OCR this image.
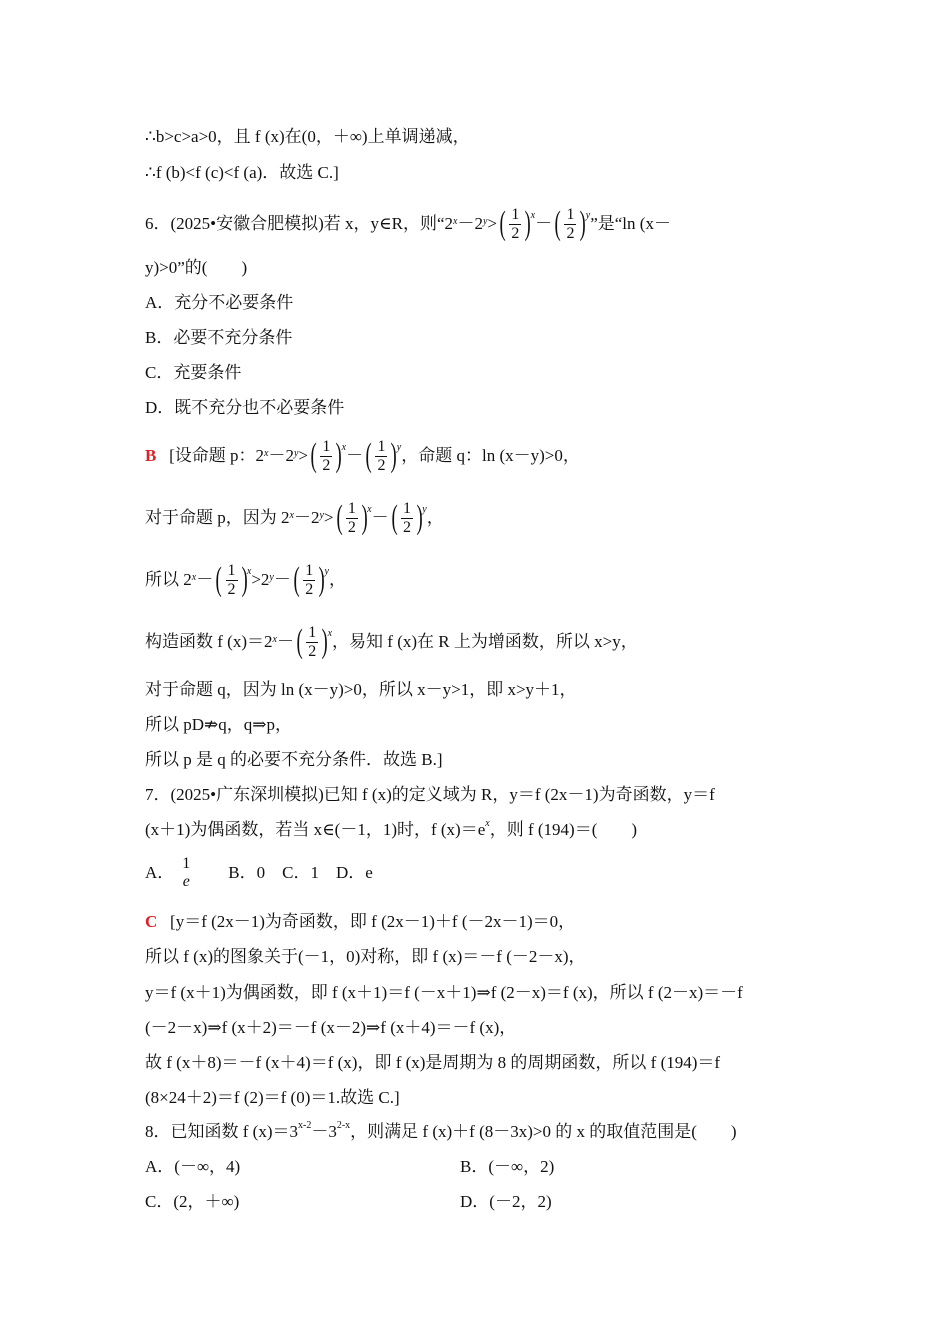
∴b>c>a>0，且 f (x)在(0，＋∞)上单调递减，
∴f (b)<f (c)<f (a)．故选 C.]
6．(2025•安徽合肥模拟)若 x，y∈R，则“$2^x -2^y$ > ( $\frac{1}{2}$ ) x － ( $\frac{1}{2}$ ) y ”是“ln (x－
y)>0”的(　　)
A．充分不必要条件
B．必要不充分条件
C．充要条件
D．既不充分也不必要条件
B
[设命题 p：$2^x -2^y$ > ( $\frac{1}{2}$ ) x － ( $\frac{1}{2}$ ) y ，命题 q：ln (x－y)>0，
对于命题 p，因为 $2^x -2^y$ > ( $\frac{1}{2}$ ) x － ( $\frac{1}{2}$ ) y ，
所以 $2^x$ － ( $\frac{1}{2}$ ) $x >2^y$ － ( $\frac{1}{2}$ ) y ，
构造函数 f $(x)=2^x$ － ( $\frac{1}{2}$ ) x ，易知 f (x)在 R 上为增函数，所以 x>y，
对于命题 q，因为 ln (x－y)>0，所以 x－y>1，即 x>y＋1，
所以 pD⇏q，q⇒p，
所以 p 是 q 的必要不充分条件．故选 B.]
7．(2025•广东深圳模拟)已知 f (x)的定义域为 R，y＝f (2x－1)为奇函数，y＝f
(x＋1)为偶函数，若当 x∈(－1，1)时，f $(x)=e^x$，则 f (194)＝(　　)
A． 1
e B．0　C．1　D．e
C [y＝f (2x－1)为奇函数，即 f (2x－1)＋f (－2x－1)＝0，
所以 f (x)的图象关于(－1，0)对称，即 f (x)＝－f (－2－x)，
y＝f (x＋1)为偶函数，即 f (x＋1)＝f (－x＋1)⇒f (2－x)＝f (x)，所以 f (2－x)＝－f
(－2－x)⇒f (x＋2)＝－f (x－2)⇒f (x＋4)＝－f (x)，
故 f (x＋8)＝－f (x＋4)＝f (x)，即 f (x)是周期为 8 的周期函数，所以 f (194)＝f
(8×24＋2)＝f (2)＝f (0)＝1.故选 C.]
8．已知函数 f $(x)=3^{x-2}-3^{2-x}$，则满足 f (x)＋f (8－3x)>0 的 x 的取值范围是(　　)
A．(－∞，4)	B．(－∞，2)
C．(2，＋∞)	D．(－2，2)
